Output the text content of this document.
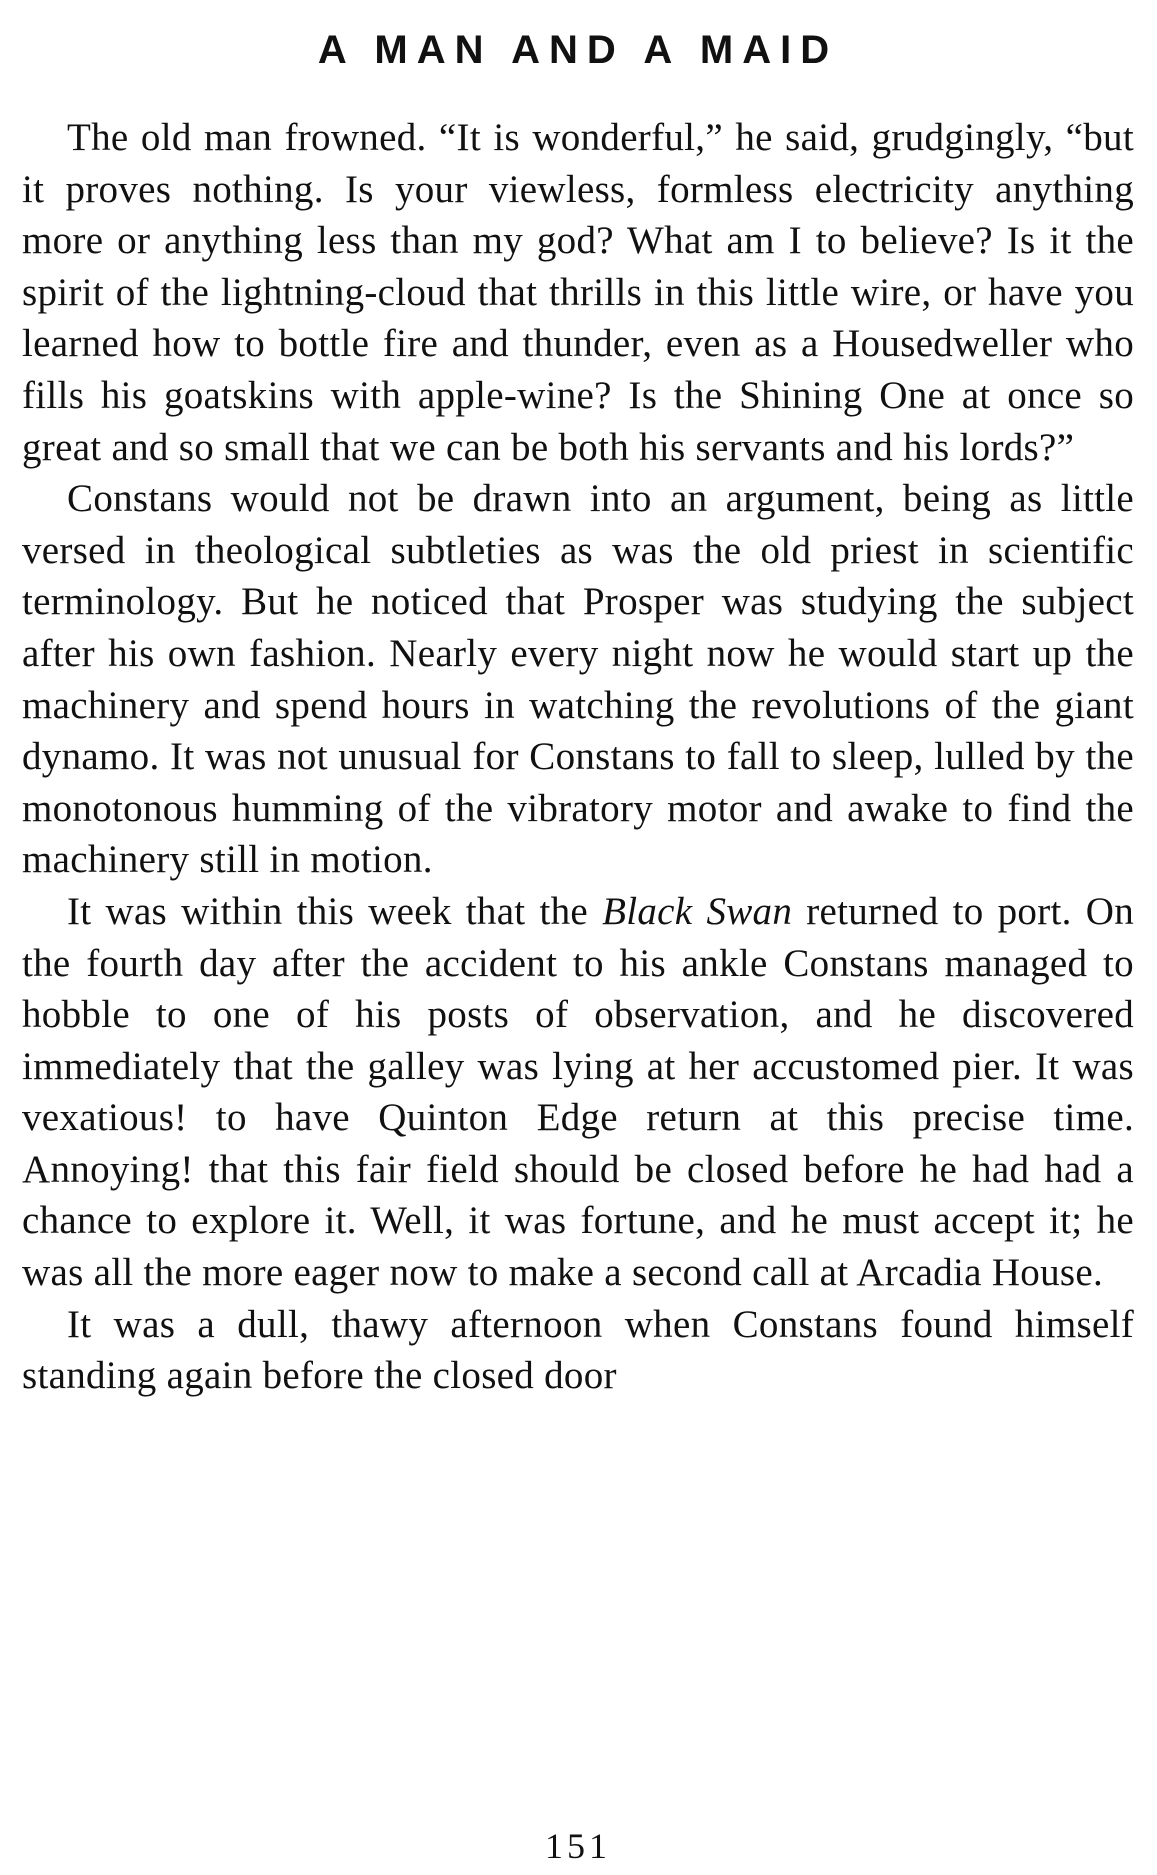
A MAN AND A MAID

The old man frowned. “It is wonderful,” he said, grudgingly, “but it proves nothing. Is your viewless, formless electricity anything more or anything less than my god? What am I to believe? Is it the spirit of the lightning-cloud that thrills in this little wire, or have you learned how to bottle fire and thunder, even as a Housedweller who fills his goatskins with apple-wine? Is the Shining One at once so great and so small that we can be both his servants and his lords?”

Constans would not be drawn into an argument, being as little versed in theological subtleties as was the old priest in scientific terminology. But he noticed that Prosper was studying the subject after his own fashion. Nearly every night now he would start up the machinery and spend hours in watching the revolutions of the giant dynamo. It was not unusual for Constans to fall to sleep, lulled by the monotonous humming of the vibratory motor and awake to find the machinery still in motion.

It was within this week that the Black Swan returned to port. On the fourth day after the accident to his ankle Constans managed to hobble to one of his posts of observation, and he discovered immediately that the galley was lying at her accustomed pier. It was vexatious! to have Quinton Edge return at this precise time. Annoying! that this fair field should be closed before he had had a chance to explore it. Well, it was fortune, and he must accept it; he was all the more eager now to make a second call at Arcadia House.

It was a dull, thawy afternoon when Constans found himself standing again before the closed door

151
